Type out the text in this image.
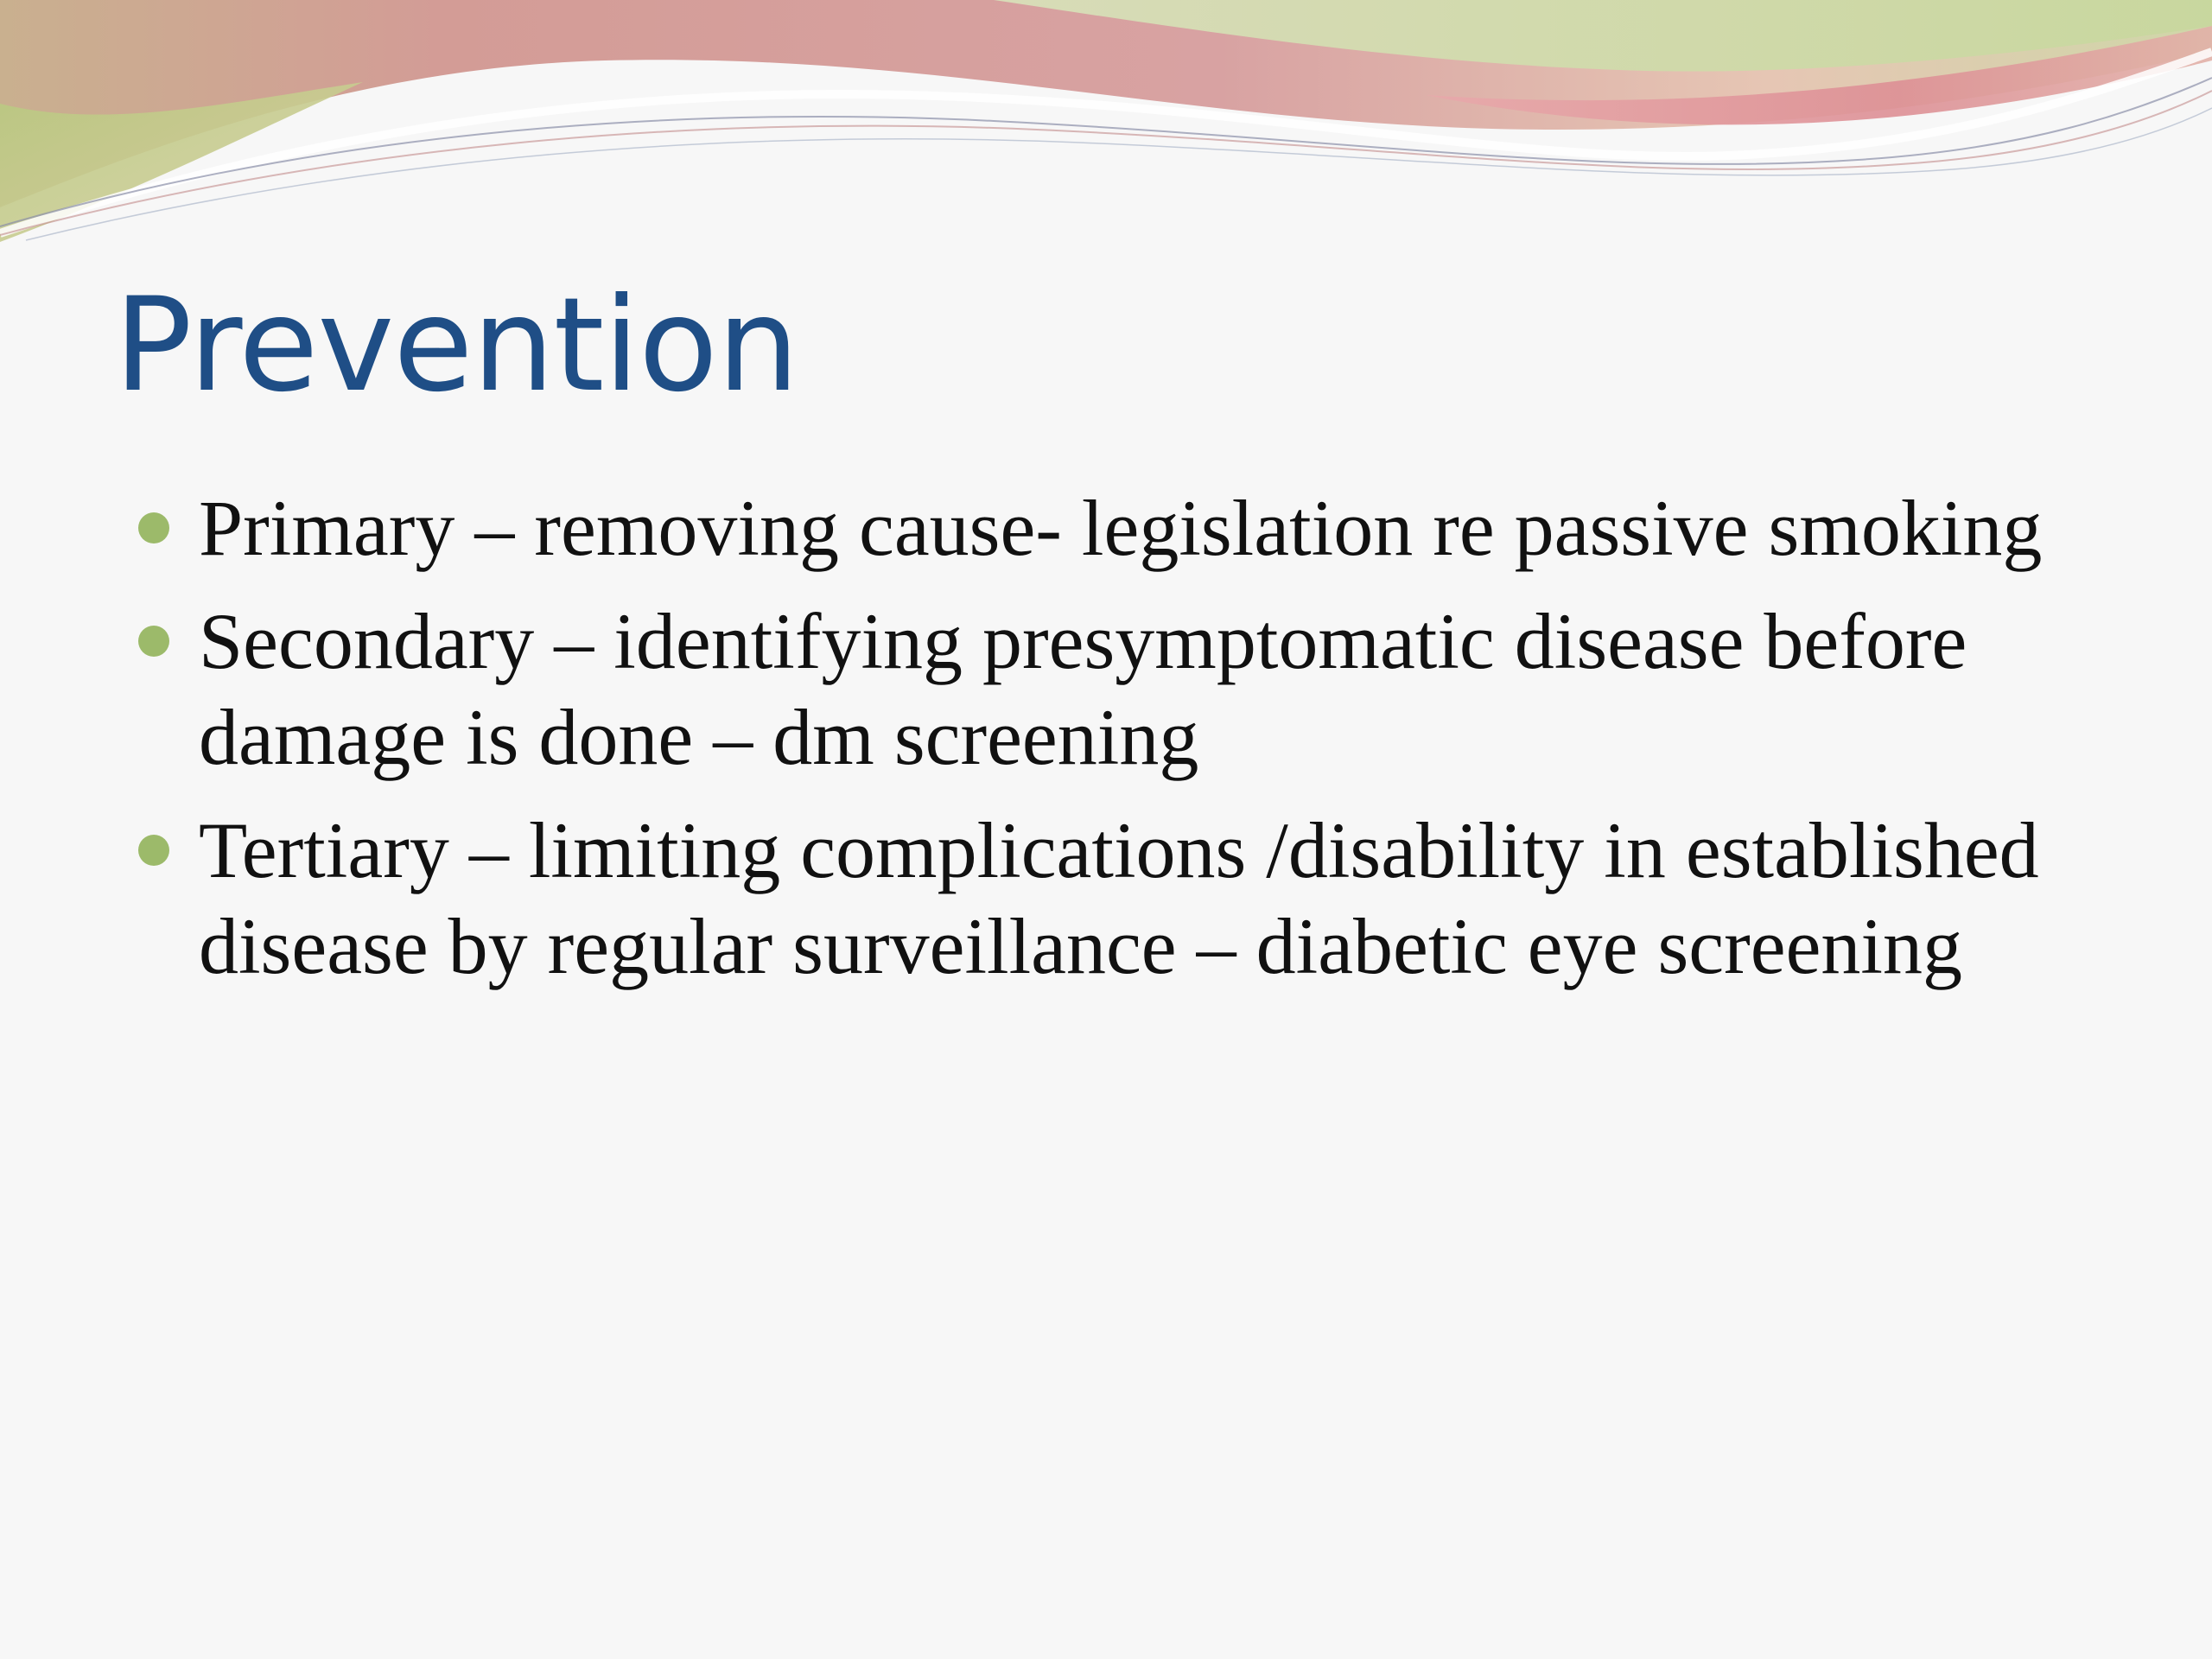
Prevention
Primary – removing cause- legislation re passive smoking
Secondary – identifying presymptomatic disease before damage is done – dm screening
Tertiary – limiting complications /disability in established disease by regular surveillance – diabetic eye screening
